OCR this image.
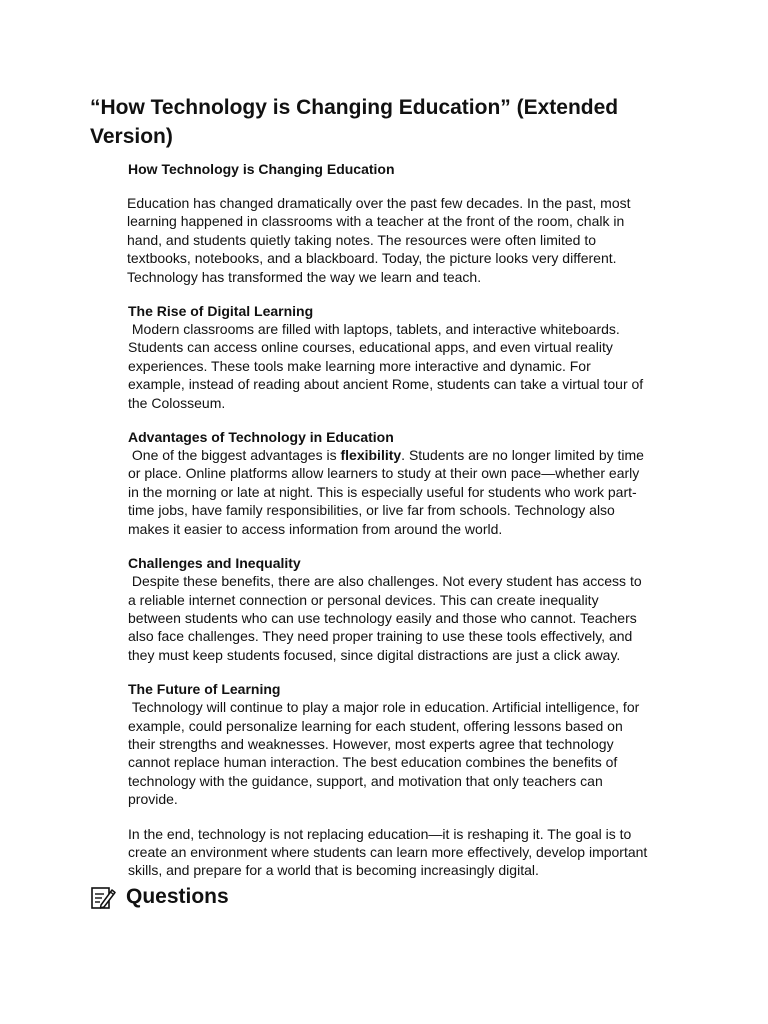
“How Technology is Changing Education” (Extended Version)

How Technology is Changing Education

Education has changed dramatically over the past few decades. In the past, most learning happened in classrooms with a teacher at the front of the room, chalk in hand, and students quietly taking notes. The resources were often limited to textbooks, notebooks, and a blackboard. Today, the picture looks very different. Technology has transformed the way we learn and teach.

The Rise of Digital Learning

Modern classrooms are filled with laptops, tablets, and interactive whiteboards. Students can access online courses, educational apps, and even virtual reality experiences. These tools make learning more interactive and dynamic. For example, instead of reading about ancient Rome, students can take a virtual tour of the Colosseum.

Advantages of Technology in Education

One of the biggest advantages is flexibility. Students are no longer limited by time or place. Online platforms allow learners to study at their own pace—whether early in the morning or late at night. This is especially useful for students who work part-time jobs, have family responsibilities, or live far from schools. Technology also makes it easier to access information from around the world.

Challenges and Inequality

Despite these benefits, there are also challenges. Not every student has access to a reliable internet connection or personal devices. This can create inequality between students who can use technology easily and those who cannot. Teachers also face challenges. They need proper training to use these tools effectively, and they must keep students focused, since digital distractions are just a click away.

The Future of Learning

Technology will continue to play a major role in education. Artificial intelligence, for example, could personalize learning for each student, offering lessons based on their strengths and weaknesses. However, most experts agree that technology cannot replace human interaction. The best education combines the benefits of technology with the guidance, support, and motivation that only teachers can provide.

In the end, technology is not replacing education—it is reshaping it. The goal is to create an environment where students can learn more effectively, develop important skills, and prepare for a world that is becoming increasingly digital.

Questions
